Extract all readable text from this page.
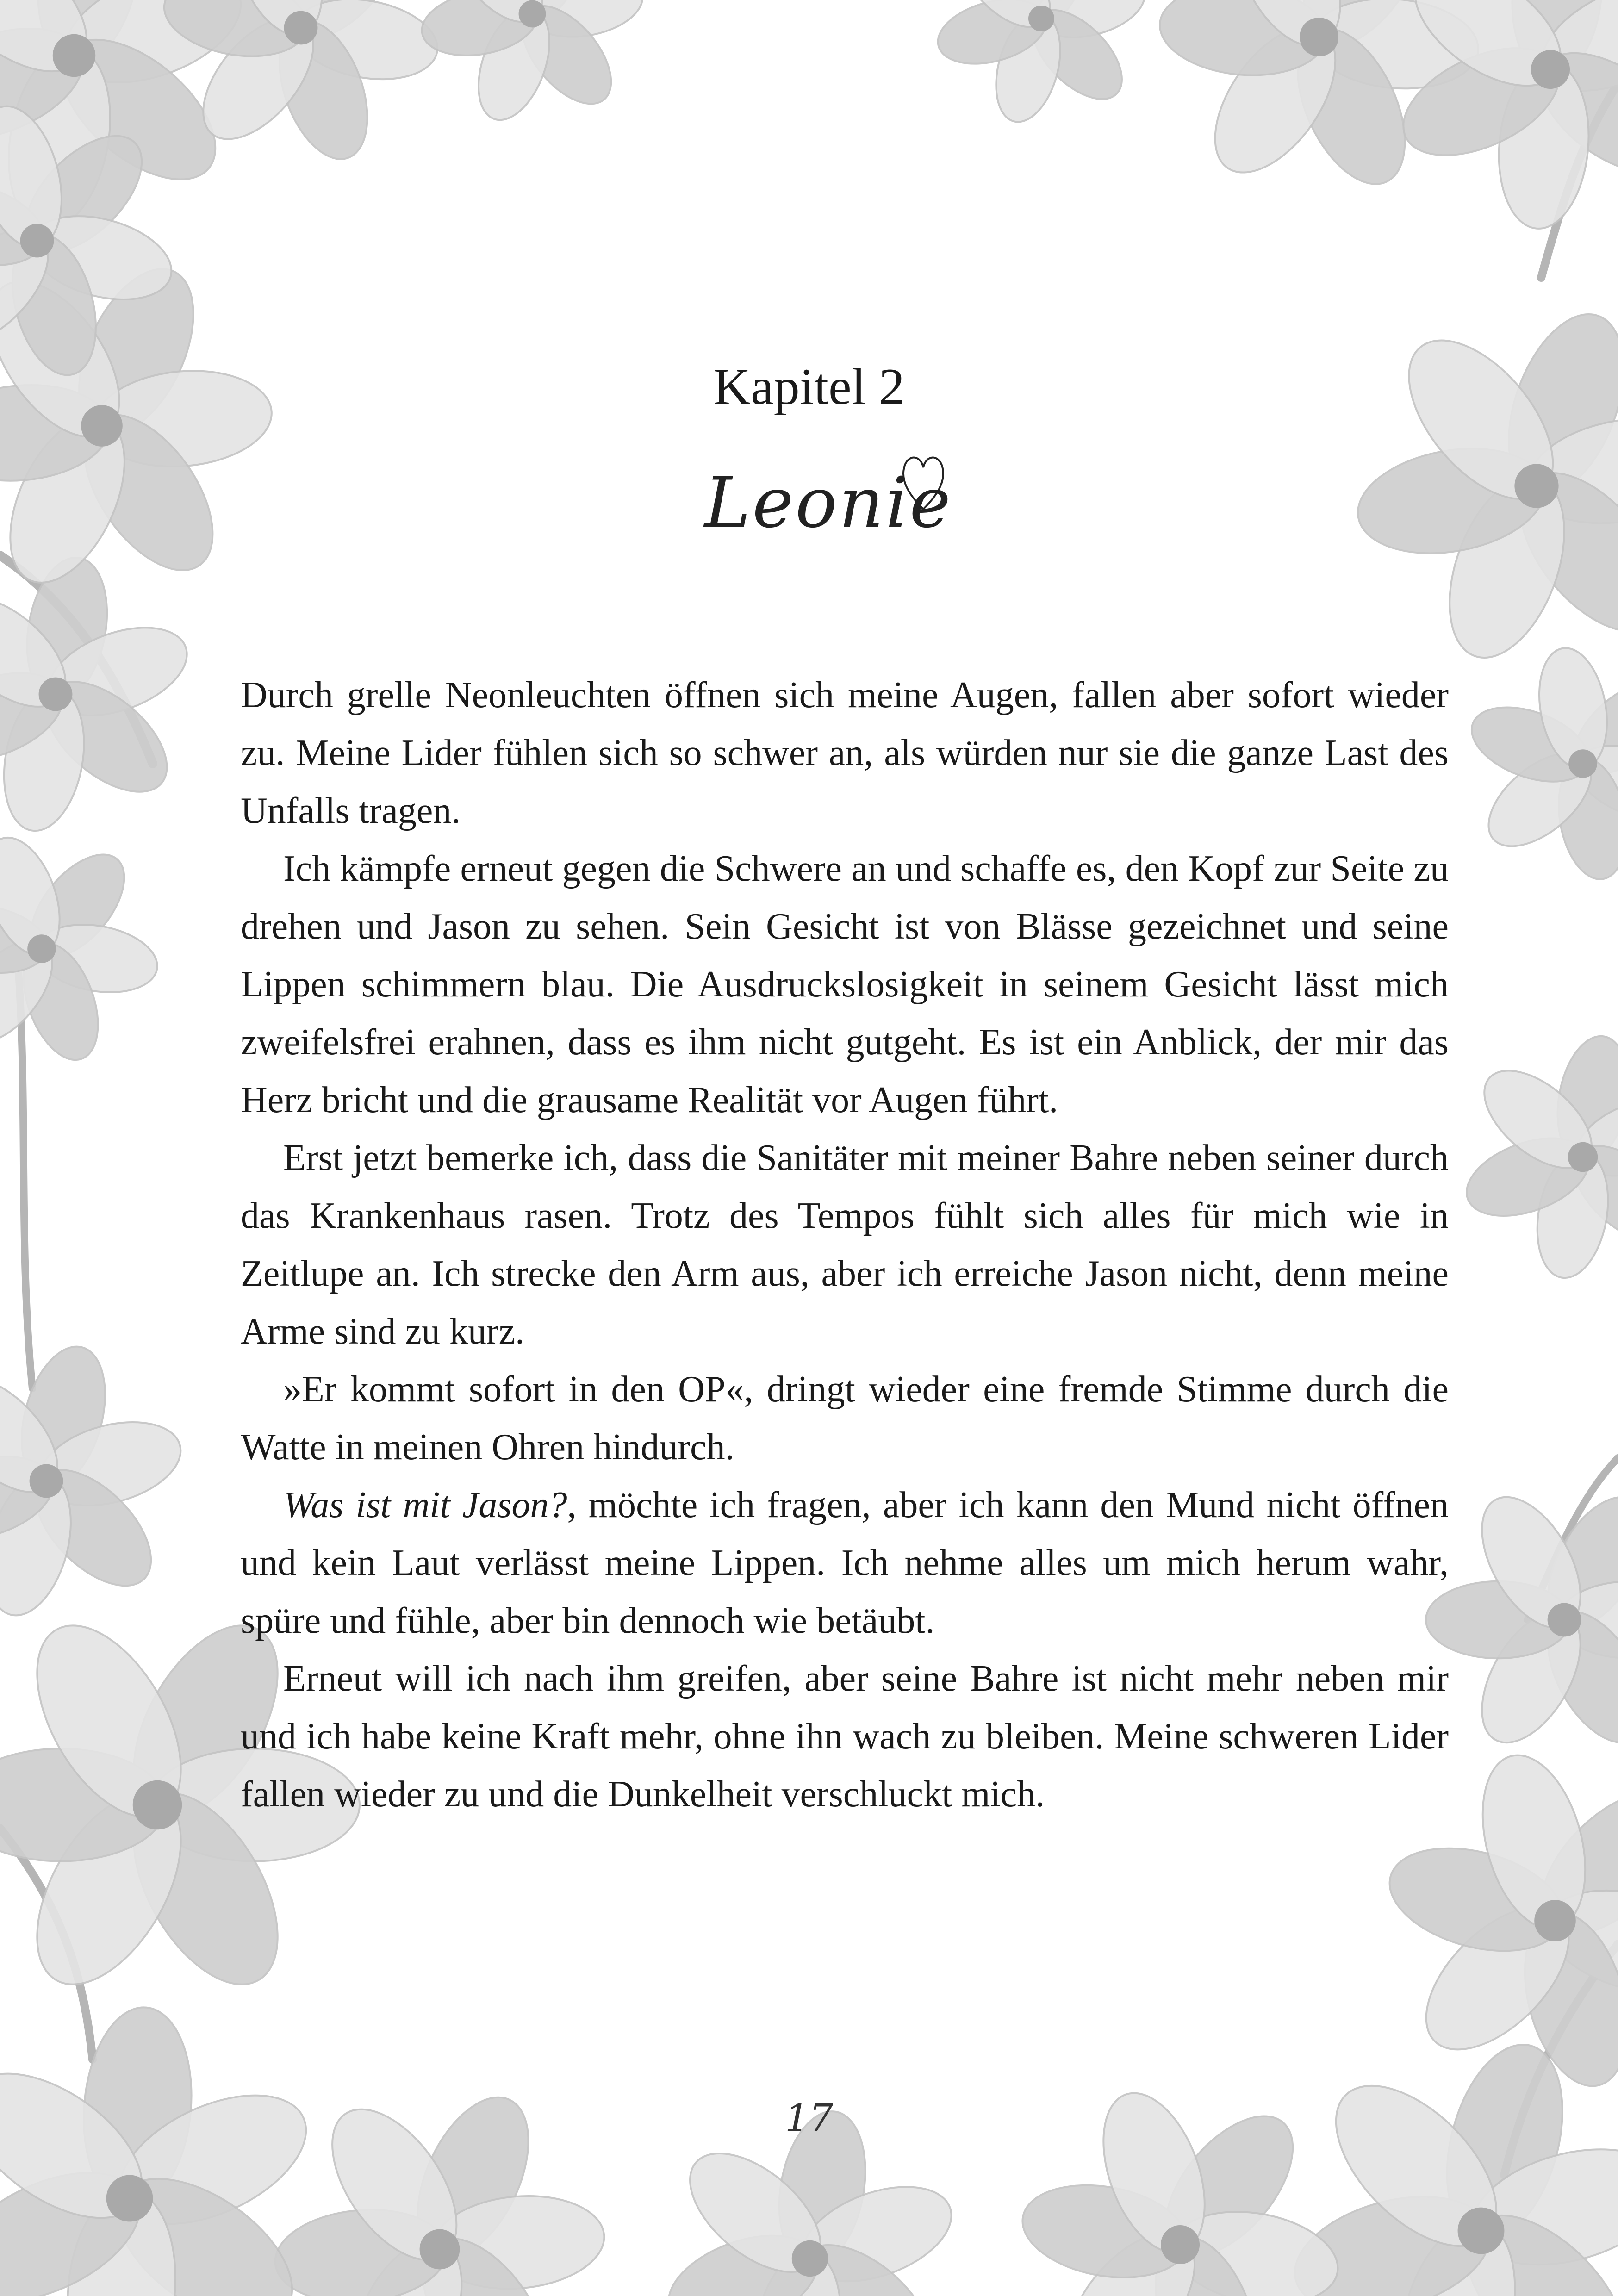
Kapitel 2
Leonie

Durch grelle Neonleuchten öffnen sich meine Augen, fallen aber sofort wieder zu. Meine Lider fühlen sich so schwer an, als würden nur sie die ganze Last des Unfalls tragen.

Ich kämpfe erneut gegen die Schwere an und schaffe es, den Kopf zur Seite zu drehen und Jason zu sehen. Sein Gesicht ist von Blässe gezeichnet und seine Lippen schimmern blau. Die Ausdruckslosigkeit in seinem Gesicht lässt mich zweifelsfrei erahnen, dass es ihm nicht gutgeht. Es ist ein Anblick, der mir das Herz bricht und die grausame Realität vor Augen führt.

Erst jetzt bemerke ich, dass die Sanitäter mit meiner Bahre neben seiner durch das Krankenhaus rasen. Trotz des Tempos fühlt sich alles für mich wie in Zeitlupe an. Ich strecke den Arm aus, aber ich erreiche Jason nicht, denn meine Arme sind zu kurz.

»Er kommt sofort in den OP«, dringt wieder eine fremde Stimme durch die Watte in meinen Ohren hindurch.

Was ist mit Jason?, möchte ich fragen, aber ich kann den Mund nicht öffnen und kein Laut verlässt meine Lippen. Ich nehme alles um mich herum wahr, spüre und fühle, aber bin dennoch wie betäubt.

Erneut will ich nach ihm greifen, aber seine Bahre ist nicht mehr neben mir und ich habe keine Kraft mehr, ohne ihn wach zu bleiben. Meine schweren Lider fallen wieder zu und die Dunkelheit verschluckt mich.

17
